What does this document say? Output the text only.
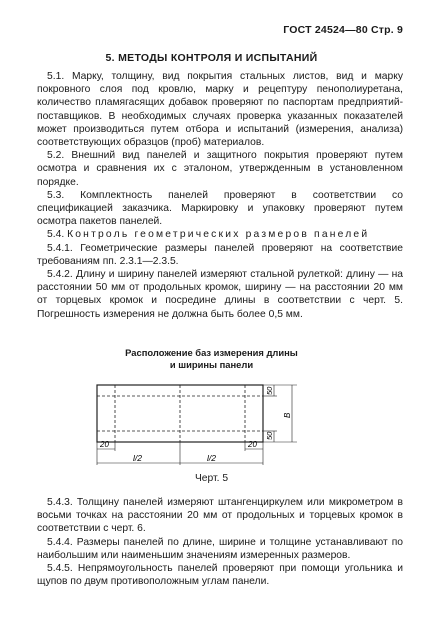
ГОСТ 24524—80 Стр. 9
5. МЕТОДЫ КОНТРОЛЯ И ИСПЫТАНИЙ

5.1. Марку, толщину, вид покрытия стальных листов, вид и марку покровного слоя под кровлю, марку и рецептуру пенополиуретана, количество пламягасящих добавок проверяют по паспортам предприятий-поставщиков. В необходимых случаях проверка указанных показателей может производиться путем отбора и испытаний (измерения, анализа) соответствующих образцов (проб) материалов.

5.2. Внешний вид панелей и защитного покрытия проверяют путем осмотра и сравнения их с эталоном, утвержденным в установленном порядке.

5.3. Комплектность панелей проверяют в соответствии со спецификацией заказчика. Маркировку и упаковку проверяют путем осмотра пакетов панелей.

5.4. Контроль геометрических размеров панелей

5.4.1. Геометрические размеры панелей проверяют на соответствие требованиям пп. 2.3.1—2.3.5.

5.4.2. Длину и ширину панелей измеряют стальной рулеткой: длину — на расстоянии 50 мм от продольных кромок, ширину — на расстоянии 20 мм от торцевых кромок и посредине длины в соответствии с черт. 5. Погрешность измерения не должна быть более 0,5 мм.

Расположение баз измерения длины
и ширины панели
20	20
l/2	l/2
50
50
B
Черт. 5

5.4.3. Толщину панелей измеряют штангенциркулем или микрометром в восьми точках на расстоянии 20 мм от продольных и торцевых кромок в соответствии с черт. 6.

5.4.4. Размеры панелей по длине, ширине и толщине устанавливают по наибольшим или наименьшим значениям измеренных размеров.

5.4.5. Непрямоугольность панелей проверяют при помощи угольника и щупов по двум противоположным углам панели.
